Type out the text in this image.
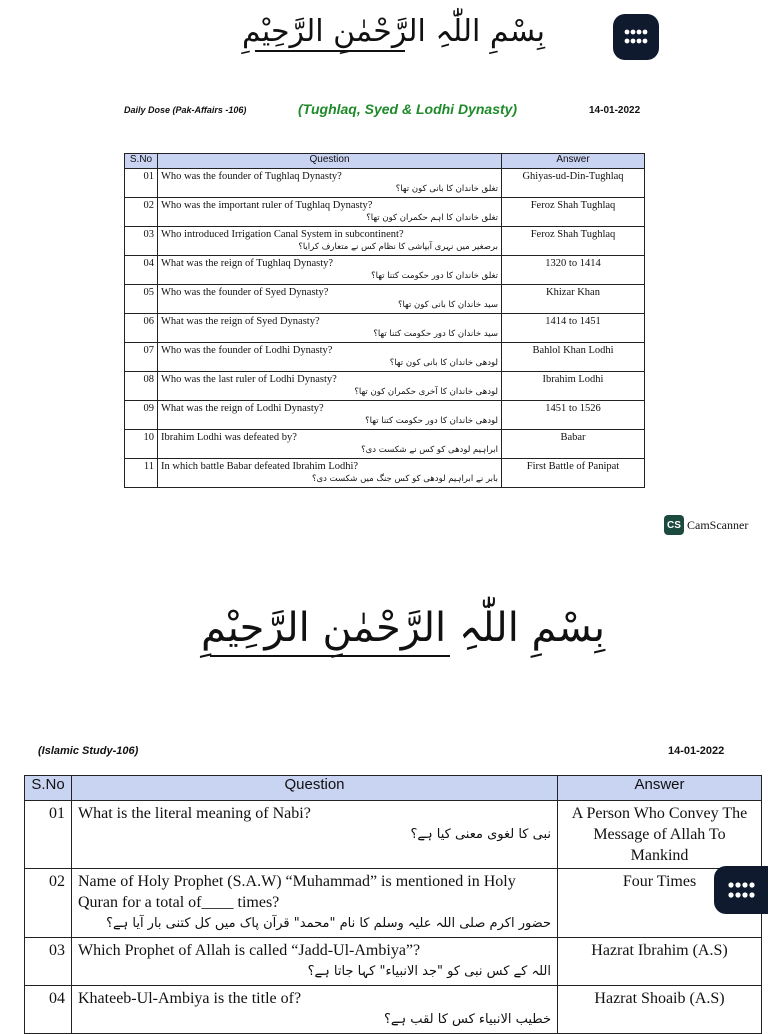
بِسْمِ اللّٰہِ الرَّحْمٰنِ الرَّحِیْمِ
Daily Dose (Pak-Affairs -106)	(Tughlaq, Syed & Lodhi Dynasty)	14-01-2022
S.No	Question	Answer
01	Who was the founder of Tughlaq Dynasty?
تغلق خاندان کا بانی کون تھا؟	Ghiyas-ud-Din-Tughlaq
02	Who was the important ruler of Tughlaq Dynasty?
تغلق خاندان کا اہم حکمران کون تھا؟	Feroz Shah Tughlaq
03	Who introduced Irrigation Canal System in subcontinent?
برصغیر میں نہری آبپاشی کا نظام کس نے متعارف کرایا؟	Feroz Shah Tughlaq
04	What was the reign of Tughlaq Dynasty?
تغلق خاندان کا دور حکومت کتنا تھا؟	1320 to 1414
05	Who was the founder of Syed Dynasty?
سید خاندان کا بانی کون تھا؟	Khizar Khan
06	What was the reign of Syed Dynasty?
سید خاندان کا دور حکومت کتنا تھا؟	1414 to 1451
07	Who was the founder of Lodhi Dynasty?
لودھی خاندان کا بانی کون تھا؟	Bahlol Khan Lodhi
08	Who was the last ruler of Lodhi Dynasty?
لودھی خاندان کا آخری حکمران کون تھا؟	Ibrahim Lodhi
09	What was the reign of Lodhi Dynasty?
لودھی خاندان کا دور حکومت کتنا تھا؟	1451 to 1526
10	Ibrahim Lodhi was defeated by?
ابراہیم لودھی کو کس نے شکست دی؟	Babar
11	In which battle Babar defeated Ibrahim Lodhi?
بابر نے ابراہیم لودھی کو کس جنگ میں شکست دی؟	First Battle of Panipat
CS CamScanner
بِسْمِ اللّٰہِ الرَّحْمٰنِ الرَّحِیْمِ
(Islamic Study-106)	14-01-2022
S.No	Question	Answer
01	What is the literal meaning of Nabi?
نبی کا لغوی معنی کیا ہے؟	A Person Who Convey The Message of Allah To Mankind
02	Name of Holy Prophet (S.A.W) “Muhammad” is mentioned in Holy Quran for a total of____ times?
حضور اکرم صلی اللہ علیہ وسلم کا نام "محمد" قرآن پاک میں کل کتنی بار آیا ہے؟	Four Times
03	Which Prophet of Allah is called “Jadd-Ul-Ambiya”?
اللہ کے کس نبی کو "جد الانبیاء" کہا جاتا ہے؟	Hazrat Ibrahim (A.S)
04	Khateeb-Ul-Ambiya is the title of?
خطیب الانبیاء کس کا لقب ہے؟	Hazrat Shoaib (A.S)
